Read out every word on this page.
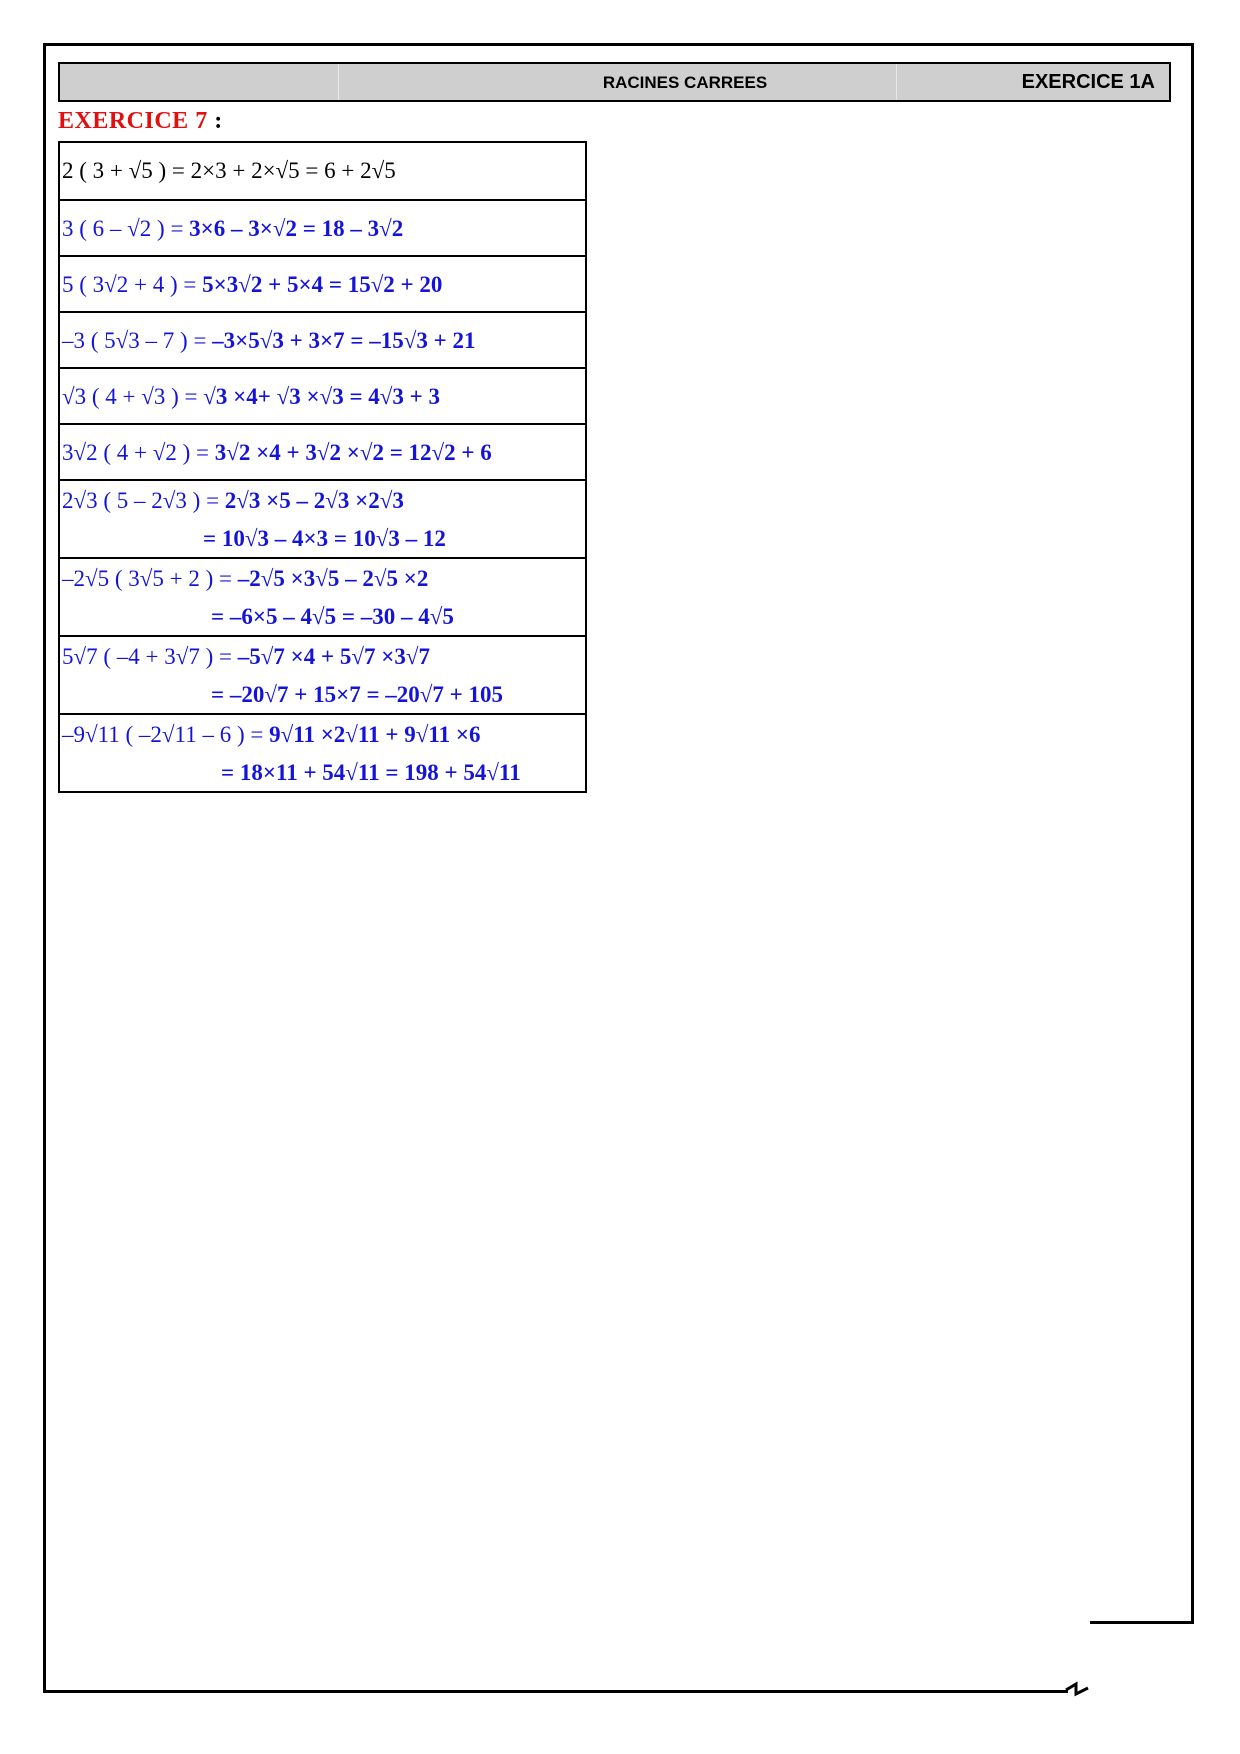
RACINES CARREES	EXERCICE 1A
EXERCICE 7 :
2 ( 3 + √5 ) = 2×3 + 2×√5 = 6 + 2√5
3 ( 6 – √2 ) = 3×6 – 3×√2 = 18 – 3√2
5 ( 3√2 + 4 ) = 5×3√2 + 5×4 = 15√2 + 20
–3 ( 5√3 – 7 ) = –3×5√3 + 3×7 = –15√3 + 21
√3 ( 4 + √3 ) = √3 ×4+ √3 ×√3 = 4√3 + 3
3√2 ( 4 + √2 ) = 3√2 ×4 + 3√2 ×√2 = 12√2 + 6
2√3 ( 5 – 2√3 ) = 2√3 ×5 – 2√3 ×2√3
= 10√3 – 4×3 = 10√3 – 12
–2√5 ( 3√5 + 2 ) = –2√5 ×3√5 – 2√5 ×2
= –6×5 – 4√5 = –30 – 4√5
5√7 ( –4 + 3√7 ) = –5√7 ×4 + 5√7 ×3√7
= –20√7 + 15×7 = –20√7 + 105
–9√11 ( –2√11 – 6 ) = 9√11 ×2√11 + 9√11 ×6
= 18×11 + 54√11 = 198 + 54√11
